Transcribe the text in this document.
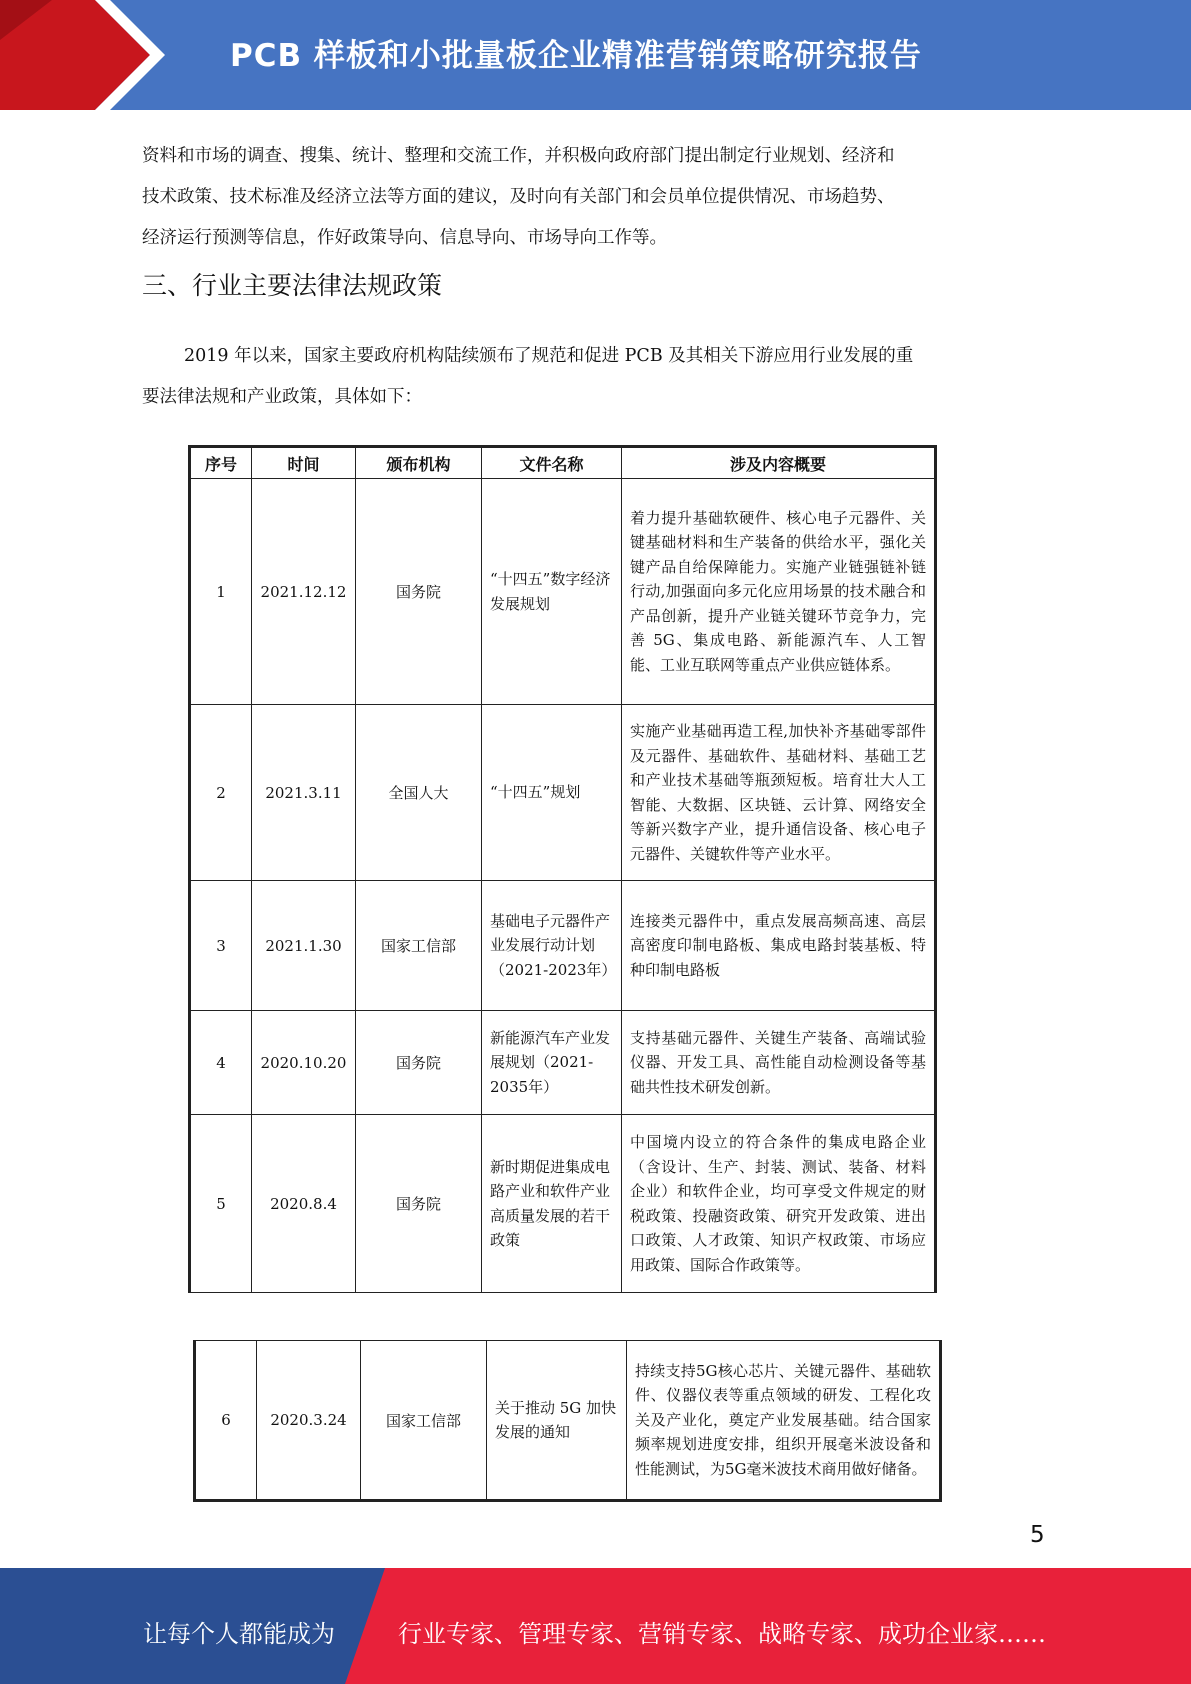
PCB 样板和小批量板企业精准营销策略研究报告
资料和市场的调查、搜集、统计、整理和交流工作，并积极向政府部门提出制定行业规划、经济和
技术政策、技术标准及经济立法等方面的建议，及时向有关部门和会员单位提供情况、市场趋势、
经济运行预测等信息，作好政策导向、信息导向、市场导向工作等。
三、行业主要法律法规政策
2019 年以来，国家主要政府机构陆续颁布了规范和促进 PCB 及其相关下游应用行业发展的重
要法律法规和产业政策，具体如下：
序号	时间	颁布机构	文件名称	涉及内容概要
1	2021.12.12	国务院	“十四五”数字经济发展规划	着力提升基础软硬件、核心电子元器件、关键基础材料和生产装备的供给水平，强化关键产品自给保障能力。实施产业链强链补链行动,加强面向多元化应用场景的技术融合和产品创新，提升产业链关键环节竞争力，完善 5G、集成电路、新能源汽车、人工智能、工业互联网等重点产业供应链体系。
2	2021.3.11	全国人大	“十四五”规划	实施产业基础再造工程,加快补齐基础零部件及元器件、基础软件、基础材料、基础工艺和产业技术基础等瓶颈短板。培育壮大人工智能、大数据、区块链、云计算、网络安全等新兴数字产业，提升通信设备、核心电子元器件、关键软件等产业水平。
3	2021.1.30	国家工信部	基础电子元器件产业发展行动计划（2021-2023年）	连接类元器件中，重点发展高频高速、高层高密度印制电路板、集成电路封装基板、特种印制电路板
4	2020.10.20	国务院	新能源汽车产业发展规划（2021-2035年）	支持基础元器件、关键生产装备、高端试验仪器、开发工具、高性能自动检测设备等基础共性技术研发创新。
5	2020.8.4	国务院	新时期促进集成电路产业和软件产业高质量发展的若干政策	中国境内设立的符合条件的集成电路企业（含设计、生产、封装、测试、装备、材料企业）和软件企业，均可享受文件规定的财税政策、投融资政策、研究开发政策、进出口政策、人才政策、知识产权政策、市场应用政策、国际合作政策等。
6	2020.3.24	国家工信部	关于推动 5G 加快发展的通知	持续支持5G核心芯片、关键元器件、基础软件、仪器仪表等重点领域的研发、工程化攻关及产业化，奠定产业发展基础。结合国家频率规划进度安排，组织开展毫米波设备和性能测试，为5G毫米波技术商用做好储备。
5
让每个人都能成为	行业专家、管理专家、营销专家、战略专家、成功企业家……
